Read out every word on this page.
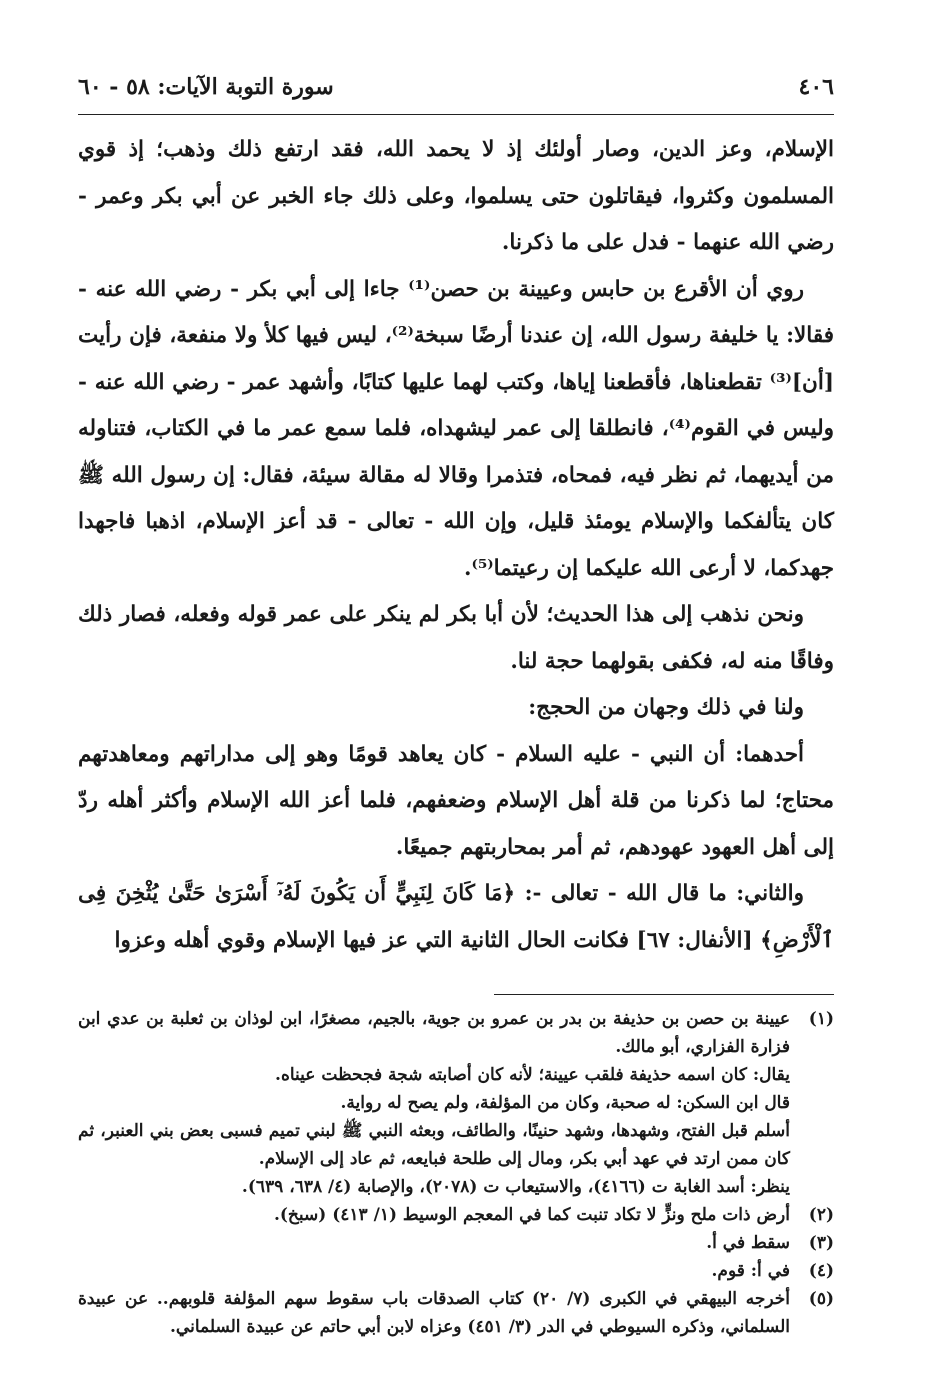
٤٠٦
سورة التوبة الآيات: ٥٨ - ٦٠

الإسلام، وعز الدين، وصار أولئك إذ لا يحمد الله، فقد ارتفع ذلك وذهب؛ إذ قوي المسلمون وكثروا، فيقاتلون حتى يسلموا، وعلى ذلك جاء الخبر عن أبي بكر وعمر - رضي الله عنهما - فدل على ما ذكرنا.

روي أن الأقرع بن حابس وعيينة بن حصن⁽¹⁾ جاءا إلى أبي بكر - رضي الله عنه - فقالا: يا خليفة رسول الله، إن عندنا أرضًا سبخة⁽²⁾، ليس فيها كلأ ولا منفعة، فإن رأيت [أن]⁽³⁾ تقطعناها، فأقطعنا إياها، وكتب لهما عليها كتابًا، وأشهد عمر - رضي الله عنه - وليس في القوم⁽⁴⁾، فانطلقا إلى عمر ليشهداه، فلما سمع عمر ما في الكتاب، فتناوله من أيديهما، ثم نظر فيه، فمحاه، فتذمرا وقالا له مقالة سيئة، فقال: إن رسول الله ﷺ كان يتألفكما والإسلام يومئذ قليل، وإن الله - تعالى - قد أعز الإسلام، اذهبا فاجهدا جهدكما، لا أرعى الله عليكما إن رعيتما⁽⁵⁾.

ونحن نذهب إلى هذا الحديث؛ لأن أبا بكر لم ينكر على عمر قوله وفعله، فصار ذلك وفاقًا منه له، فكفى بقولهما حجة لنا.

ولنا في ذلك وجهان من الحجج:

أحدهما: أن النبي - عليه السلام - كان يعاهد قومًا وهو إلى مداراتهم ومعاهدتهم محتاج؛ لما ذكرنا من قلة أهل الإسلام وضعفهم، فلما أعز الله الإسلام وأكثر أهله ردّ إلى أهل العهود عهودهم، ثم أمر بمحاربتهم جميعًا.

والثاني: ما قال الله - تعالى -: ﴿مَا كَانَ لِنَبِيٍّ أَن يَكُونَ لَهُۥٓ أَسْرَىٰ حَتَّىٰ يُثْخِنَ فِى ٱلْأَرْضِ﴾ [الأنفال: ٦٧] فكانت الحال الثانية التي عز فيها الإسلام وقوي أهله وعزوا

(١)
عيينة بن حصن بن حذيفة بن بدر بن عمرو بن جوية، بالجيم، مصغرًا، ابن لوذان بن ثعلبة بن عدي ابن فزارة الفزاري، أبو مالك.
يقال: كان اسمه حذيفة فلقب عيينة؛ لأنه كان أصابته شجة فجحظت عيناه.
قال ابن السكن: له صحبة، وكان من المؤلفة، ولم يصح له رواية.
أسلم قبل الفتح، وشهدها، وشهد حنينًا، والطائف، وبعثه النبي ﷺ لبني تميم فسبى بعض بني العنبر، ثم كان ممن ارتد في عهد أبي بكر، ومال إلى طلحة فبايعه، ثم عاد إلى الإسلام.
ينظر: أسد الغابة ت (٤١٦٦)، والاستيعاب ت (٢٠٧٨)، والإصابة (٤/ ٦٣٨، ٦٣٩).
(٢)
أرض ذات ملح ونزٍّ لا تكاد تنبت كما في المعجم الوسيط (١/ ٤١٣) (سبخ).
(٣)
سقط في أ.
(٤)
في أ: قوم.
(٥)
أخرجه البيهقي في الكبرى (٧/ ٢٠) كتاب الصدقات باب سقوط سهم المؤلفة قلوبهم.. عن عبيدة السلماني، وذكره السيوطي في الدر (٣/ ٤٥١) وعزاه لابن أبي حاتم عن عبيدة السلماني.
